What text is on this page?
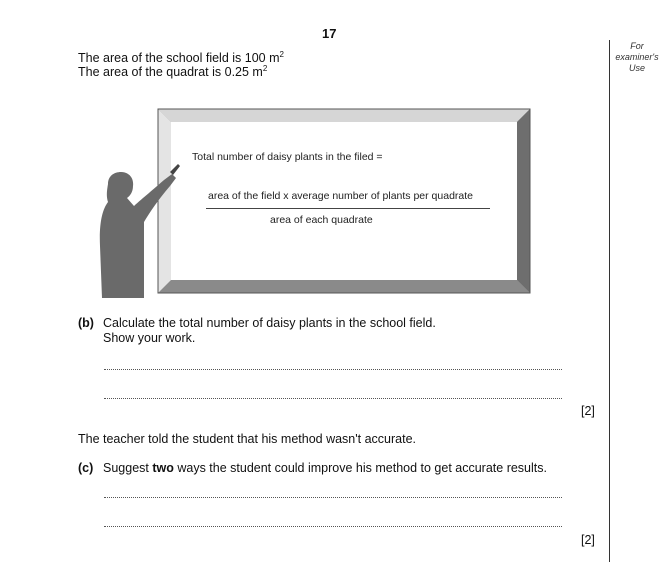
17
For
examiner's
Use
The area of the school field is 100 $m^2$
The area of the quadrat is 0.25 $m^2$
Total number of daisy plants in the filed =
area of the field x average number of plants per quadrate
area of each quadrate
(b) Calculate the total number of daisy plants in the school field.
Show your work.
[2]
The teacher told the student that his method wasn't accurate.
(c) Suggest two ways the student could improve his method to get accurate results.
[2]
